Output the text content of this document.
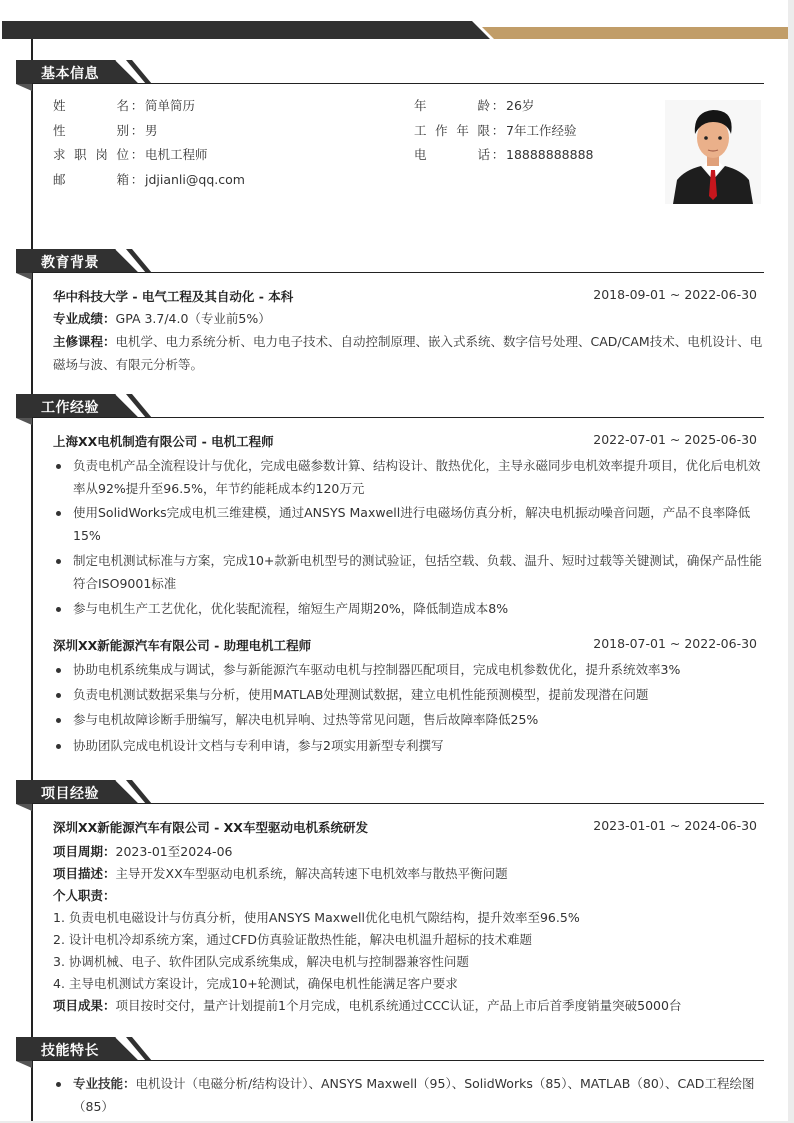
基本信息
姓名 ： 简单简历
性别 ： 男
求职岗位 ： 电机工程师
邮箱 ： jdjianli@qq.com
年龄 ： 26岁
工作年限 ： 7年工作经验
电话 ： 18888888888
教育背景
华中科技大学 - 电气工程及其自动化 - 本科	2018-09-01 ~ 2022-06-30
专业成绩：GPA 3.7/4.0（专业前5%）
主修课程：电机学、电力系统分析、电力电子技术、自动控制原理、嵌入式系统、数字信号处理、CAD/CAM技术、电机设计、电磁场与波、有限元分析等。
工作经验
上海XX电机制造有限公司 - 电机工程师	2022-07-01 ~ 2025-06-30
负责电机产品全流程设计与优化，完成电磁参数计算、结构设计、散热优化，主导永磁同步电机效率提升项目，优化后电机效率从92%提升至96.5%，年节约能耗成本约120万元
使用SolidWorks完成电机三维建模，通过ANSYS Maxwell进行电磁场仿真分析，解决电机振动噪音问题，产品不良率降低15%
制定电机测试标准与方案，完成10+款新电机型号的测试验证，包括空载、负载、温升、短时过载等关键测试，确保产品性能符合ISO9001标准
参与电机生产工艺优化，优化装配流程，缩短生产周期20%，降低制造成本8%
深圳XX新能源汽车有限公司 - 助理电机工程师	2018-07-01 ~ 2022-06-30
协助电机系统集成与调试，参与新能源汽车驱动电机与控制器匹配项目，完成电机参数优化，提升系统效率3%
负责电机测试数据采集与分析，使用MATLAB处理测试数据，建立电机性能预测模型，提前发现潜在问题
参与电机故障诊断手册编写，解决电机异响、过热等常见问题，售后故障率降低25%
协助团队完成电机设计文档与专利申请，参与2项实用新型专利撰写
项目经验
深圳XX新能源汽车有限公司 - XX车型驱动电机系统研发	2023-01-01 ~ 2024-06-30
项目周期：2023-01至2024-06
项目描述：主导开发XX车型驱动电机系统，解决高转速下电机效率与散热平衡问题
个人职责：
1. 负责电机电磁设计与仿真分析，使用ANSYS Maxwell优化电机气隙结构，提升效率至96.5%
2. 设计电机冷却系统方案，通过CFD仿真验证散热性能，解决电机温升超标的技术难题
3. 协调机械、电子、软件团队完成系统集成，解决电机与控制器兼容性问题
4. 主导电机测试方案设计，完成10+轮测试，确保电机性能满足客户要求
项目成果：项目按时交付，量产计划提前1个月完成，电机系统通过CCC认证，产品上市后首季度销量突破5000台
技能特长
专业技能：电机设计（电磁分析/结构设计）、ANSYS Maxwell（95）、SolidWorks（85）、MATLAB（80）、CAD工程绘图（85）
